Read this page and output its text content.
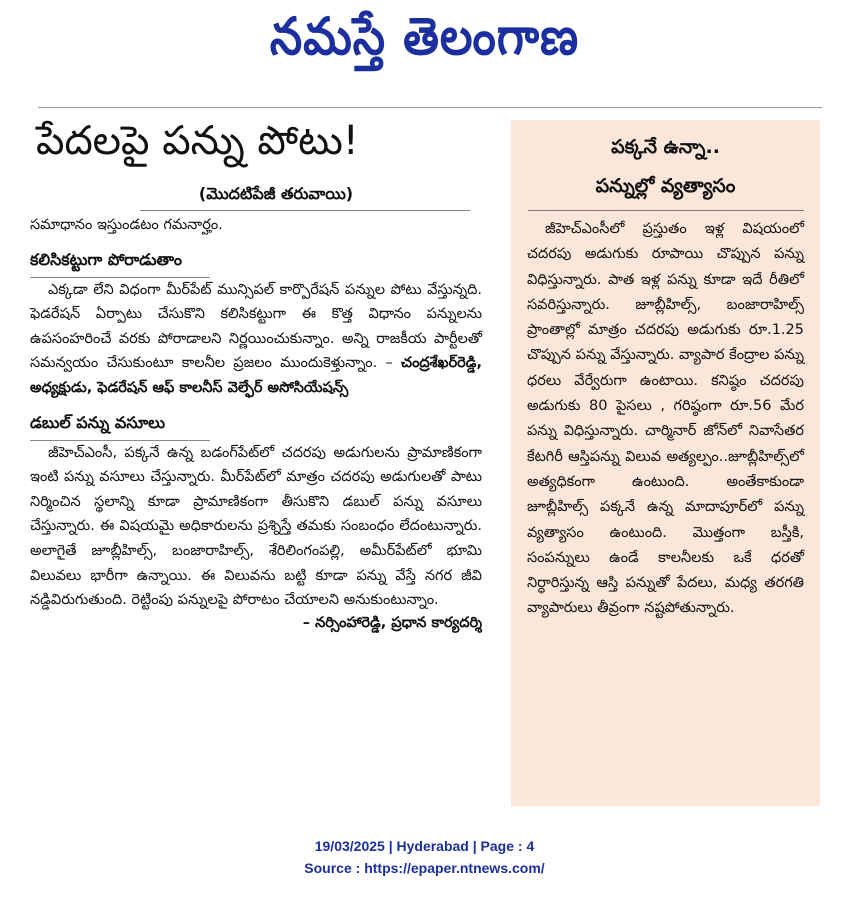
నమస్తే తెలంగాణ
పేదలపై పన్ను పోటు!
(మొదటిపేజీ తరువాయి)

సమాధానం ఇస్తుండటం గమనార్హం.

కలిసికట్టుగా పోరాడుతాం

ఎక్కడా లేని విధంగా మీర్‌పేట్ మున్సిపల్ కార్పొరేషన్ పన్నుల పోటు వేస్తున్నది. ఫెడరేషన్ ఏర్పాటు చేసుకొని కలిసికట్టుగా ఈ కొత్త విధానం పన్నులను ఉపసంహరించే వరకు పోరాడాలని నిర్ణయించుకున్నాం. అన్ని రాజకీయ పార్టీలతో సమన్వయం చేసుకుంటూ కాలనీల ప్రజలం ముందుకెళ్తున్నాం. – చంద్రశేఖర్‌రెడ్డి, అధ్యక్షుడు, ఫెడరేషన్ ఆఫ్ కాలనీస్ వెల్ఫేర్ అసోసియేషన్స్

డబుల్ పన్ను వసూలు

జీహెచ్ఎంసీ, పక్కనే ఉన్న బడంగ్‌పేట్‌లో చదరపు అడుగులను ప్రామాణికంగా ఇంటి పన్ను వసూలు చేస్తున్నారు. మీర్‌పేట్‌లో మాత్రం చదరపు అడుగులతో పాటు నిర్మించిన స్థలాన్ని కూడా ప్రామాణికంగా తీసుకొని డబుల్ పన్ను వసూలు చేస్తున్నారు. ఈ విషయమై అధికారులను ప్రశ్నిస్తే తమకు సంబంధం లేదంటున్నారు. అలాగైతే జూబ్లీహిల్స్, బంజారాహిల్స్, శేరిలింగంపల్లి, అమీర్‌పేట్‌లో భూమి విలువలు భారీగా ఉన్నాయి. ఈ విలువను బట్టి కూడా పన్ను వేస్తే నగర జీవి నడ్డివిరుగుతుంది. రెట్టింపు పన్నులపై పోరాటం చేయాలని అనుకుంటున్నాం.

– నర్సింహారెడ్డి, ప్రధాన కార్యదర్శి
పక్కనే ఉన్నా..
పన్నుల్లో వ్యత్యాసం
జీహెచ్ఎంసీలో ప్రస్తుతం ఇళ్ల విషయంలో చదరపు అడుగుకు రూపాయి చొప్పున పన్ను విధిస్తున్నారు. పాత ఇళ్ల పన్ను కూడా ఇదే రీతిలో సవరిస్తున్నారు. జూబ్లీహిల్స్, బంజారాహిల్స్ ప్రాంతాల్లో మాత్రం చదరపు అడుగుకు రూ.1.25 చొప్పున పన్ను వేస్తున్నారు. వ్యాపార కేంద్రాల పన్ను ధరలు వేర్వేరుగా ఉంటాయి. కనిష్ఠం చదరపు అడుగుకు 80 పైసలు , గరిష్ఠంగా రూ.56 మేర పన్ను విధిస్తున్నారు. చార్మినార్ జోన్‌లో నివాసేతర కేటగిరీ ఆస్తిపన్ను విలువ అత్యల్పం..జూబ్లీహిల్స్‌లో అత్యధికంగా ఉంటుంది. అంతేకాకుండా జూబ్లీహిల్స్ పక్కనే ఉన్న మాదాపూర్‌లో పన్ను వ్యత్యాసం ఉంటుంది. మొత్తంగా బస్తీకి, సంపన్నులు ఉండే కాలనీలకు ఒకే ధరతో నిర్ధారిస్తున్న ఆస్తి పన్నుతో పేదలు, మధ్య తరగతి వ్యాపారులు తీవ్రంగా నష్టపోతున్నారు.
19/03/2025 | Hyderabad | Page : 4
Source : https://epaper.ntnews.com/
